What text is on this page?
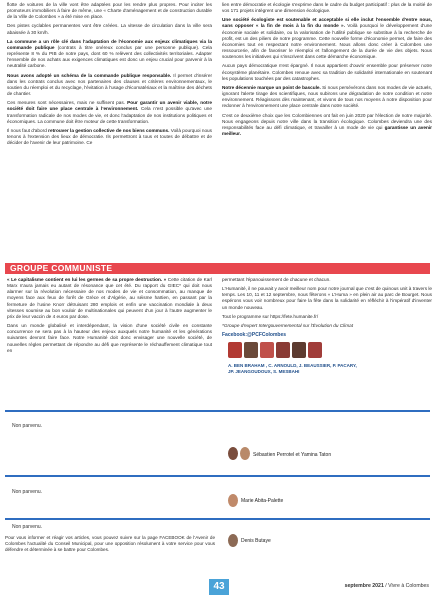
flotte de voitures de la ville vont être adaptées pour les rendre plus propres. Pour inciter les promoteurs immobiliers à faire de même, une « Charte d'aménagement et de construction durable de la Ville de Colombes » a été mise en place.

Des pistes cyclables permanentes vont être créées. La vitesse de circulation dans la ville sera abaissée à 30 km/h.

La commune a un rôle clé dans l'adaptation de l'économie aux enjeux climatiques via la commande publique (contrats à titre onéreux conclus par une personne publique). Cela représente 8 % du PIB de notre pays, dont 60 % relèvent des collectivités territoriales. Adapter l'ensemble de nos achats aux exigences climatiques est donc un enjeu crucial pour parvenir à la neutralité carbone.

Nous avons adopté un schéma de la commande publique responsable. Il permet d'insérer dans les contrats conclus avec nos partenaires des clauses et critères environnementaux, le soutien du réemploi et du recyclage, l'évitation à l'usage d'écomatériaux et la maîtrise des déchets de chantier.

Ces mesures sont nécessaires, mais ne suffisent pas. Pour garantir un avenir viable, notre société doit faire une place centrale à l'environnement. Cela n'est possible qu'avec une transformation radicale de nos modes de vie, et donc l'adaptation de nos institutions politiques et économiques. La commune doit être moteur de cette transformation.

Il nous faut d'abord retrouver la gestion collective de nos biens communs. Voilà pourquoi nous tenons à l'extension des lieux de démocratie. Ils permettront à tous et toutes de débattre et de décider de l'avenir de leur patrimoine. Ce

lien entre démocratie et écologie s'exprime dans le cadre du budget participatif : plus de la moitié de vos 171 projets intègrent une dimension écologique.

Une société écologiste est soutenable et acceptable si elle inclut l'ensemble d'entre nous, sans opposer « la fin de mois à la fin du monde ». Voilà pourquoi le développement d'une économie sociale et solidaire, ou la valorisation de l'utilité publique se substitue à la recherche de profit, est un des piliers de notre programme. Cette nouvelle forme d'économie permet, de faire des économies tout en respectant notre environnement. Nous allons donc créer à Colombes une ressourcerie, afin de favoriser le réemploi et l'allongement de la durée de vie des objets. Nous soutenons les initiatives qui s'inscrivent dans cette démarche économique.

Aucun pays démocratique n'est épargné. Il nous appartient d'ouvrir ensemble pour préserver notre écosystème planétaire. Colombes renoue avec sa tradition de solidarité internationale en soutenant les populations touchées par des catastrophes.

Notre décennie marque un point de bascule. Si nous persévérons dans nos modes de vie actuels, ignorant l'alerte tirage des scientifiques, nous subirons une dégradation de notre condition et notre environnement. Réagissons dès maintenant, et vivons de tous nos moyens à notre disposition pour redonner à l'environnement une place centrale dans notre société.

C'est ce deuxième choix que les Colombiennes ont fait en juin 2020 par l'élection de notre majorité. Nous engageons depuis notre ville dans la transition écologique. Colombes deviendra une des responsabilités face au défi climatique, et travailler à un mode de vie qui garantisse un avenir meilleur.

GROUPE COMMUNISTE

« Le capitalisme contient en lui les germes de sa propre destruction. » Cette citation de Karl Marx n'aura jamais eu autant de résonance que cet été. Du rapport du GIEC* qui doit nous alarmer sur la révolution nécessaire de nos modes de vie et consommation, au manque de moyens face aux feux de forêt de Grèce et d'Algérie, au séisme haïtien, en passant par la fermeture de l'usine Knorr détruisant 280 emplois et enfin une vaccination mondiale à deux vitesses soumise au bon vouloir de multinationales qui peuvent d'un jour à l'autre augmenter le prix de leur vaccin de 4 euros par dose.

Dans un monde globalisé et interdépendant, la vision d'une société civile en constante concurrence ne sera pas à la hauteur des enjeux auxquels notre humanité et les générations suivantes devront faire face. Notre Humanité doit donc envisager une nouvelle société, de nouvelles règles permettant de répondre au défi que représente le réchauffement climatique tout en

permettant l'épanouissement de chacune et chacun.

L'Humanité, il ne pouvait y avoir meilleur nom pour notre journal que c'est de quinous unit à travers le temps. Les 10, 11 et 12 septembre, nous fêterons « L'Huma » en plein air au parc de Bourget. Nous espérons vous voir nombreux pour faire la fête dans la solidarité en réfléchir à l'impératif d'inventer un monde nouveau.

Tout le programme sur https://fete.humanite.fr/

*Groupe d'expert Intergouvernemental sur l'Évolution du Climat

Facebook:@PCFColombes
A. BEN BRAHAM , C. ARNOULD, J. BEAUSSIER, P. PACARY,
JP. JEANGOUDOUX, S. MESBAHI
Non parvenu.
Sébastien Perrotel et Yamina Taton
Non parvenu.
Marie Abita-Palette
Non parvenu.
Denis Butaye
Pour vous informer et réagir vos articles, vous pouvez suivre sur la page FACEBOOK de l'Avenir de Colombes l'actualité du Conseil Municipal, pour une opposition résolument à votre service pour vous défendre et déterminée à se battre pour Colombes.
43	septembre 2021 / Vivre à Colombes
